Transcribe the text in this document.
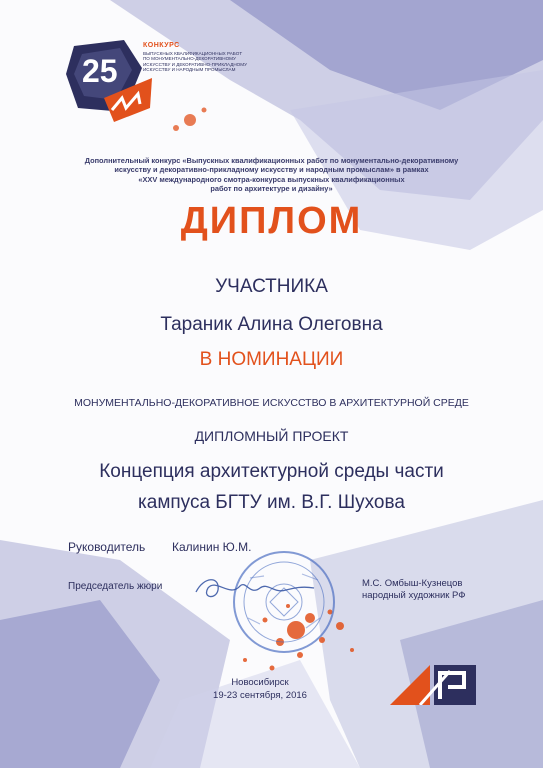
25
КОНКУРС
ВЫПУСКНЫХ КВАЛИФИКАЦИОННЫХ РАБОТ
ПО МОНУМЕНТАЛЬНО-ДЕКОРАТИВНОМУ
ИСКУССТВУ И ДЕКОРАТИВНО-ПРИКЛАДНОМУ
ИСКУССТВУ И НАРОДНЫМ ПРОМЫСЛАМ
Дополнительный конкурс «Выпускных квалификационных работ по монументально-декоративному
искусству и декоративно-прикладному искусству и народным промыслам» в рамках
«XXV международного смотра-конкурса выпускных квалификационных
работ по архитектуре и дизайну»
ДИПЛОМ
УЧАСТНИКА
Тараник Алина Олеговна
В НОМИНАЦИИ
МОНУМЕНТАЛЬНО-ДЕКОРАТИВНОЕ ИСКУССТВО В АРХИТЕКТУРНОЙ СРЕДЕ
ДИПЛОМНЫЙ ПРОЕКТ
Концепция архитектурной среды части
кампуса БГТУ им. В.Г. Шухова
Руководитель Калинин Ю.М.
Председатель жюри	М.С. Омбыш-Кузнецов
народный художник РФ
Новосибирск
19-23 сентября, 2016
